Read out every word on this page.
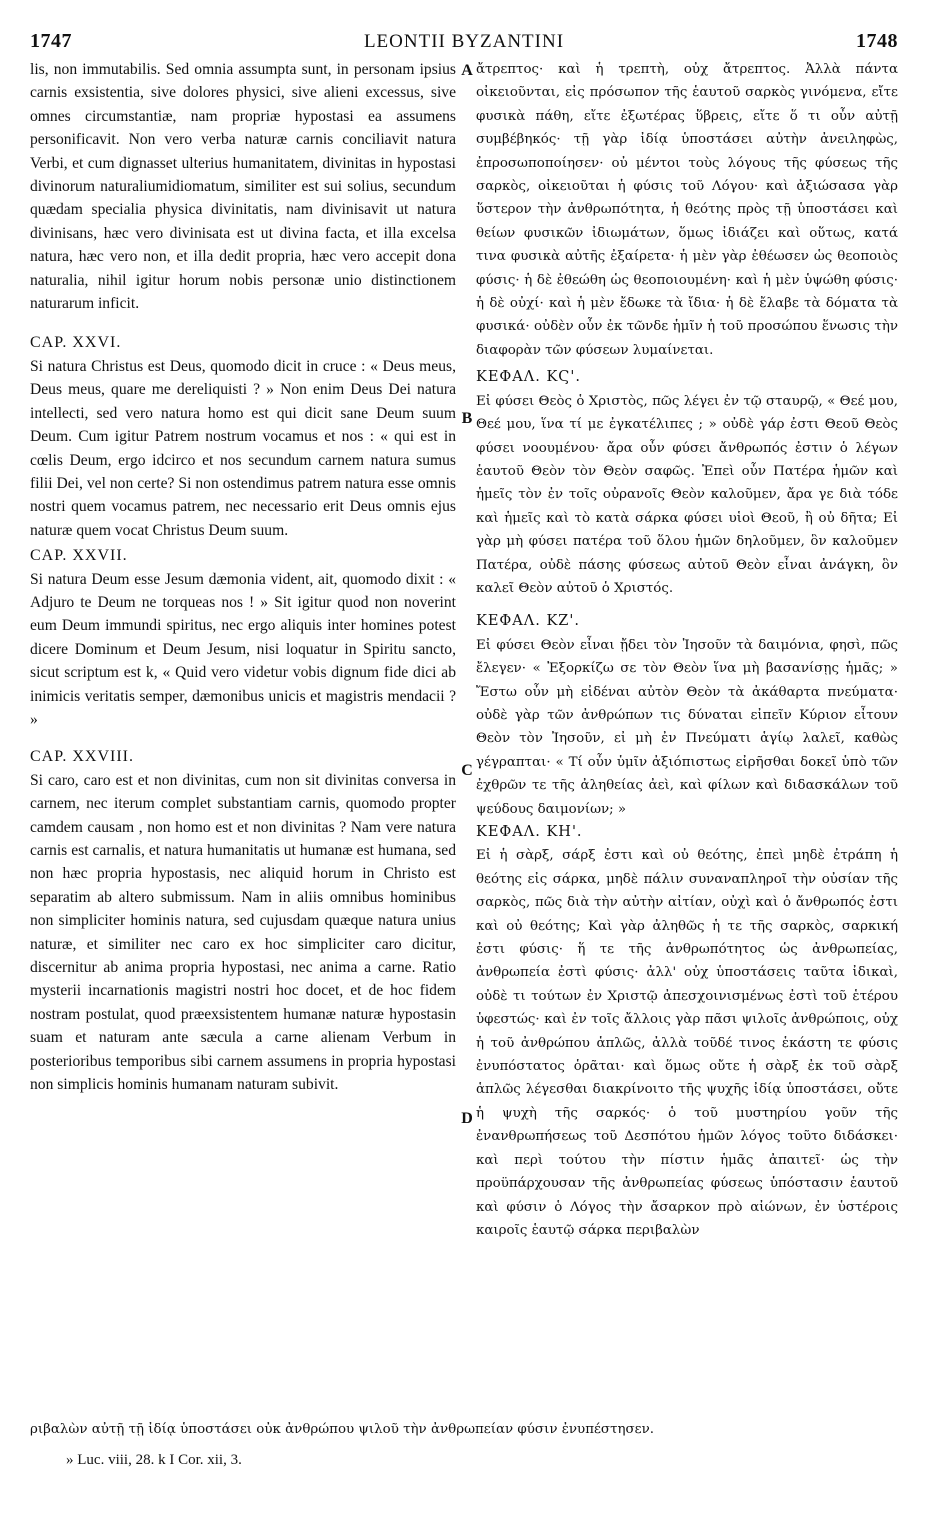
1747	LEONTII BYZANTINI	1748

lis, non immutabilis. Sed omnia assumpta sunt, in personam ipsius carnis exsistentia, sive dolores physici, sive alieni excessus, sive omnes circumstantiæ, nam propriæ hypostasi ea assumens personificavit. Non vero verba naturæ carnis conciliavit natura Verbi, et cum dignasset ulterius humanitatem, divinitas in hypostasi divinorum naturaliumidiomatum, similiter est sui solius, secundum quædam specialia physica divinitatis, nam divinisavit ut natura divinisans, hæc vero divinisata est ut divina facta, et illa excelsa natura, hæc vero non, et illa dedit propria, hæc vero accepit dona naturalia, nihil igitur horum nobis personæ unio distinctionem naturarum inficit.

CAP. XXVI.

Si natura Christus est Deus, quomodo dicit in cruce : « Deus meus, Deus meus, quare me dereliquisti ? » Non enim Deus Dei natura intellecti, sed vero natura homo est qui dicit sane Deum suum Deum. Cum igitur Patrem nostrum vocamus et nos : « qui est in cœlis Deum, ergo idcirco et nos secundum carnem natura sumus filii Dei, vel non certe? Si non ostendimus patrem natura esse omnis nostri quem vocamus patrem, nec necessario erit Deus omnis ejus naturæ quem vocat Christus Deum suum.

CAP. XXVII.

Si natura Deum esse Jesum dæmonia vident, ait, quomodo dixit : « Adjuro te Deum ne torqueas nos ! » Sit igitur quod non noverint eum Deum immundi spiritus, nec ergo aliquis inter homines potest dicere Dominum et Deum Jesum, nisi loquatur in Spiritu sancto, sicut scriptum est k, « Quid vero videtur vobis dignum fide dici ab inimicis veritatis semper, dæmonibus unicis et magistris mendacii ? »

CAP. XXVIII.

Si caro, caro est et non divinitas, cum non sit divinitas conversa in carnem, nec iterum complet substantiam carnis, quomodo propter camdem causam , non homo est et non divinitas ? Nam vere natura carnis est carnalis, et natura humanitatis ut humanæ est humana, sed non hæc propria hypostasis, nec aliquid horum in Christo est separatim ab altero submissum. Nam in aliis omnibus hominibus non simpliciter hominis natura, sed cujusdam quæque natura unius naturæ, et similiter nec caro ex hoc simpliciter caro dicitur, discernitur ab anima propria hypostasi, nec anima a carne. Ratio mysterii incarnationis magistri nostri hoc docet, et de hoc fidem nostram postulat, quod præexsistentem humanæ naturæ hypostasin suam et naturam ante sæcula a carne alienam Verbum in posterioribus temporibus sibi carnem assumens in propria hypostasi non simplicis hominis humanam naturam subivit.

A
B
C
D

ἄτρεπτος· καὶ ἡ τρεπτὴ, οὐχ ἄτρεπτος. Ἀλλὰ πάντα οἰκειοῦνται, εἰς πρόσωπον τῆς ἑαυτοῦ σαρκὸς γινόμενα, εἴτε φυσικὰ πάθη, εἴτε ἐξωτέρας ὕβρεις, εἴτε ὅ τι οὖν αὐτῇ συμβέβηκός· τῇ γὰρ ἰδίᾳ ὑποστάσει αὐτὴν ἀνειληφὼς, ἐπροσωποποίησεν· οὐ μέντοι τοὺς λόγους τῆς φύσεως τῆς σαρκὸς, οἰκειοῦται ἡ φύσις τοῦ Λόγου· καὶ ἀξιώσασα γὰρ ὕστερον τὴν ἀνθρωπότητα, ἡ θεότης πρὸς τῇ ὑποστάσει καὶ θείων φυσικῶν ἰδιωμάτων, ὅμως ἰδιάζει καὶ οὕτως, κατά τινα φυσικὰ αὐτῆς ἐξαίρετα· ἡ μὲν γὰρ ἐθέωσεν ὡς θεοποιὸς φύσις· ἡ δὲ ἐθεώθη ὡς θεοποιουμένη· καὶ ἡ μὲν ὑψώθη φύσις· ἡ δὲ οὐχί· καὶ ἡ μὲν ἔδωκε τὰ ἴδια· ἡ δὲ ἔλαβε τὰ δόματα τὰ φυσικά· οὐδὲν οὖν ἐκ τῶνδε ἡμῖν ἡ τοῦ προσώπου ἕνωσις τὴν διαφορὰν τῶν φύσεων λυμαίνεται.

ΚΕΦΑΛ. ΚϚ'.

Εἰ φύσει Θεὸς ὁ Χριστὸς, πῶς λέγει ἐν τῷ σταυρῷ, « Θεέ μου, Θεέ μου, ἵνα τί με ἐγκατέλιπες ; » οὐδὲ γάρ ἐστι Θεοῦ Θεὸς φύσει νοουμένου· ἄρα οὖν φύσει ἄνθρωπός ἐστιν ὁ λέγων ἑαυτοῦ Θεὸν τὸν Θεὸν σαφῶς. Ἐπεὶ οὖν Πατέρα ἡμῶν καὶ ἡμεῖς τὸν ἐν τοῖς οὐρανοῖς Θεὸν καλοῦμεν, ἄρα γε διὰ τόδε καὶ ἡμεῖς καὶ τὸ κατὰ σάρκα φύσει υἱοὶ Θεοῦ, ἢ οὐ δῆτα; Εἰ γὰρ μὴ φύσει πατέρα τοῦ ὅλου ἡμῶν δηλοῦμεν, ὃν καλοῦμεν Πατέρα, οὐδὲ πάσης φύσεως αὐτοῦ Θεὸν εἶναι ἀνάγκη, ὃν καλεῖ Θεὸν αὐτοῦ ὁ Χριστός.

ΚΕΦΑΛ. ΚΖ'.

Εἰ φύσει Θεὸν εἶναι ᾔδει τὸν Ἰησοῦν τὰ δαιμόνια, φησὶ, πῶς ἔλεγεν· « Ἐξορκίζω σε τὸν Θεὸν ἵνα μὴ βασανίσῃς ἡμᾶς; » Ἔστω οὖν μὴ εἰδέναι αὐτὸν Θεὸν τὰ ἀκάθαρτα πνεύματα· οὐδὲ γὰρ τῶν ἀνθρώπων τις δύναται εἰπεῖν Κύριον εἶτουν Θεὸν τὸν Ἰησοῦν, εἰ μὴ ἐν Πνεύματι ἁγίῳ λαλεῖ, καθὼς γέγραπται· « Τί οὖν ὑμῖν ἀξιόπιστως εἰρῆσθαι δοκεῖ ὑπὸ τῶν ἐχθρῶν τε τῆς ἀληθείας ἀεὶ, καὶ φίλων καὶ διδασκάλων τοῦ ψεύδους δαιμονίων; »

ΚΕΦΑΛ. ΚΗ'.

Εἰ ἡ σὰρξ, σάρξ ἐστι καὶ οὐ θεότης, ἐπεὶ μηδὲ ἐτράπη ἡ θεότης εἰς σάρκα, μηδὲ πάλιν συναναπληροῖ τὴν οὐσίαν τῆς σαρκὸς, πῶς διὰ τὴν αὐτὴν αἰτίαν, οὐχὶ καὶ ὁ ἄνθρωπός ἐστι καὶ οὐ θεότης; Καὶ γὰρ ἀληθῶς ἡ τε τῆς σαρκὸς, σαρκική ἐστι φύσις· ἥ τε τῆς ἀνθρωπότητος ὡς ἀνθρωπείας, ἀνθρωπεία ἐστὶ φύσις· ἀλλ' οὐχ ὑποστάσεις ταῦτα ἰδικαὶ, οὐδὲ τι τούτων ἐν Χριστῷ ἀπεσχοινισμένως ἐστὶ τοῦ ἑτέρου ὑφεστώς· καὶ ἐν τοῖς ἄλλοις γὰρ πᾶσι ψιλοῖς ἀνθρώποις, οὐχ ἡ τοῦ ἀνθρώπου ἁπλῶς, ἀλλὰ τοῦδέ τινος ἑκάστη τε φύσις ἐνυπόστατος ὁρᾶται· καὶ ὅμως οὔτε ἡ σὰρξ ἐκ τοῦ σὰρξ ἁπλῶς λέγεσθαι διακρίνοιτο τῆς ψυχῆς ἰδίᾳ ὑποστάσει, οὔτε ἡ ψυχὴ τῆς σαρκός· ὁ τοῦ μυστηρίου γοῦν τῆς ἐνανθρωπήσεως τοῦ Δεσπότου ἡμῶν λόγος τοῦτο διδάσκει· καὶ περὶ τούτου τὴν πίστιν ἡμᾶς ἀπαιτεῖ· ὡς τὴν προϋπάρχουσαν τῆς ἀνθρωπείας φύσεως ὑπόστασιν ἑαυτοῦ καὶ φύσιν ὁ Λόγος τὴν ἄσαρκον πρὸ αἰώνων, ἐν ὑστέροις καιροῖς ἑαυτῷ σάρκα περιβαλὼν

ριβαλὼν αὐτῇ τῇ ἰδίᾳ ὑποστάσει οὐκ ἀνθρώπου ψιλοῦ τὴν ἀνθρωπείαν φύσιν ἐνυπέστησεν.
» Luc. viii, 28. k I Cor. xii, 3.
